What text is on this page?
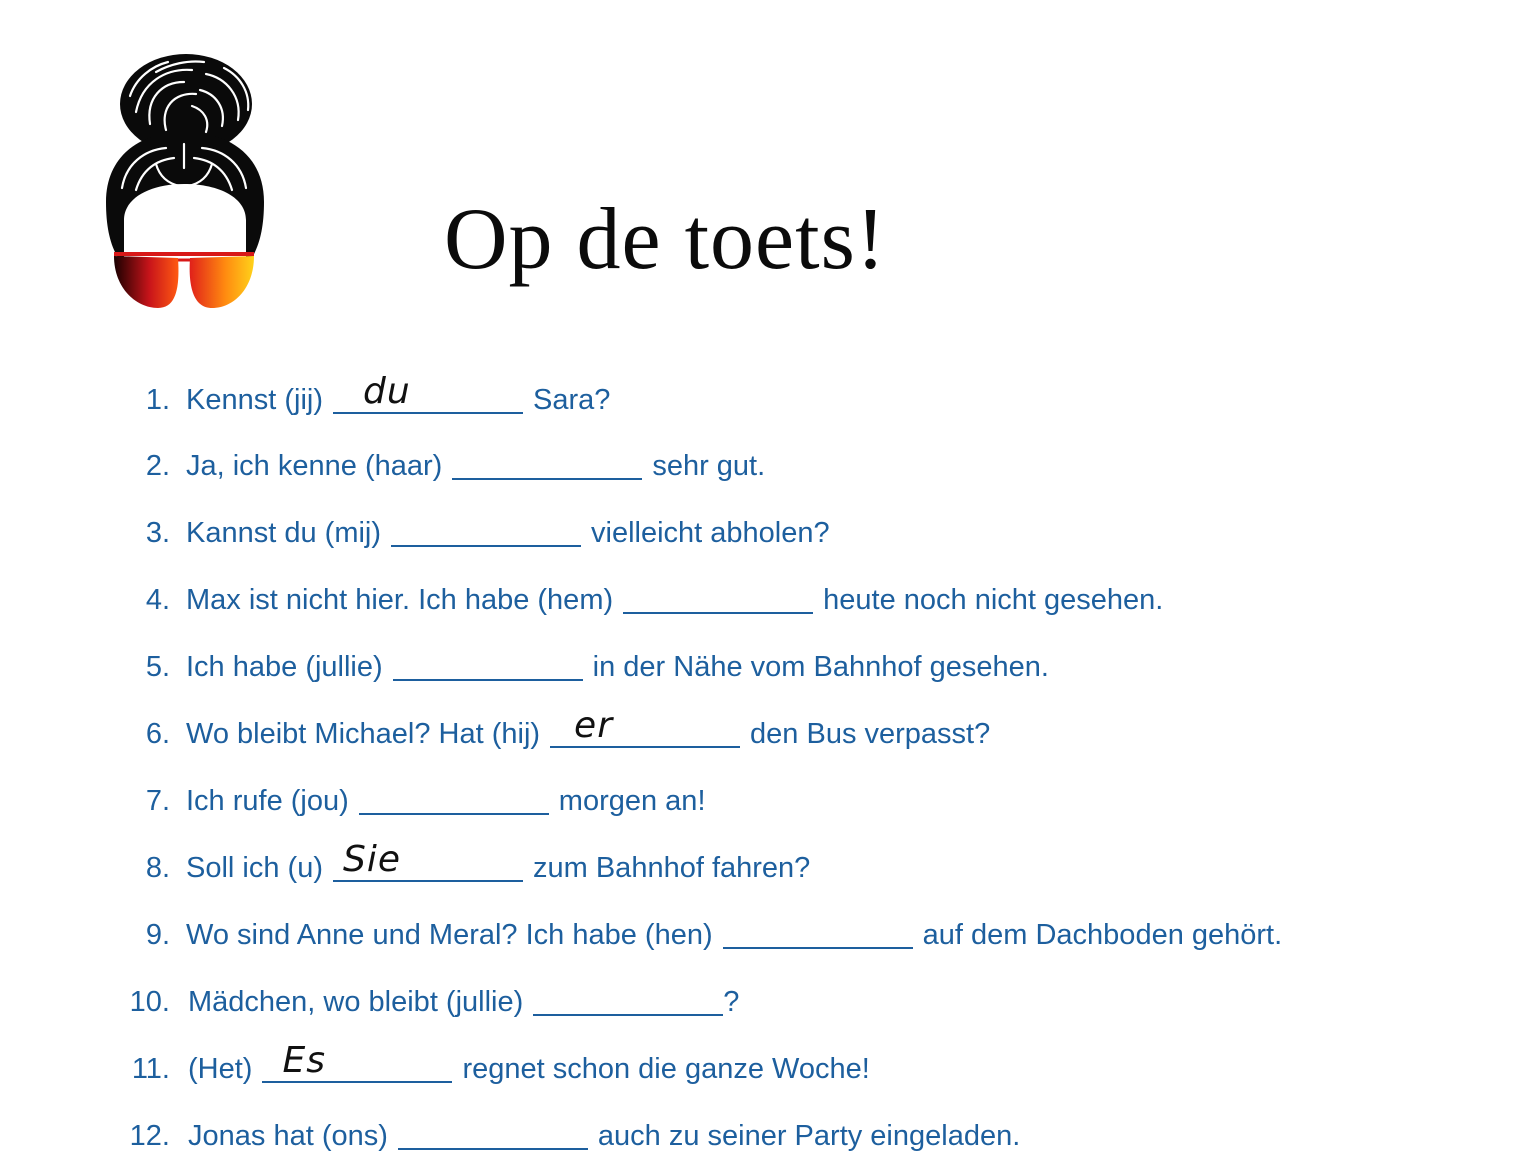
Op de toets!
1. Kennst (jij) du	Sara?
2. Ja, ich kenne (haar)	sehr gut.
3. Kannst du (mij)	vielleicht abholen?
4. Max ist nicht hier. Ich habe (hem)	heute noch nicht gesehen.
5. Ich habe (jullie)	in der Nähe vom Bahnhof gesehen.
6. Wo bleibt Michael? Hat (hij) er	den Bus verpasst?
7. Ich rufe (jou)	morgen an!
8. Soll ich (u) Sie	zum Bahnhof fahren?
9. Wo sind Anne und Meral? Ich habe (hen)	auf dem Dachboden gehört.
10. Mädchen, wo bleibt (jullie)	?
11. (Het) Es	regnet schon die ganze Woche!
12. Jonas hat (ons)	auch zu seiner Party eingeladen.
